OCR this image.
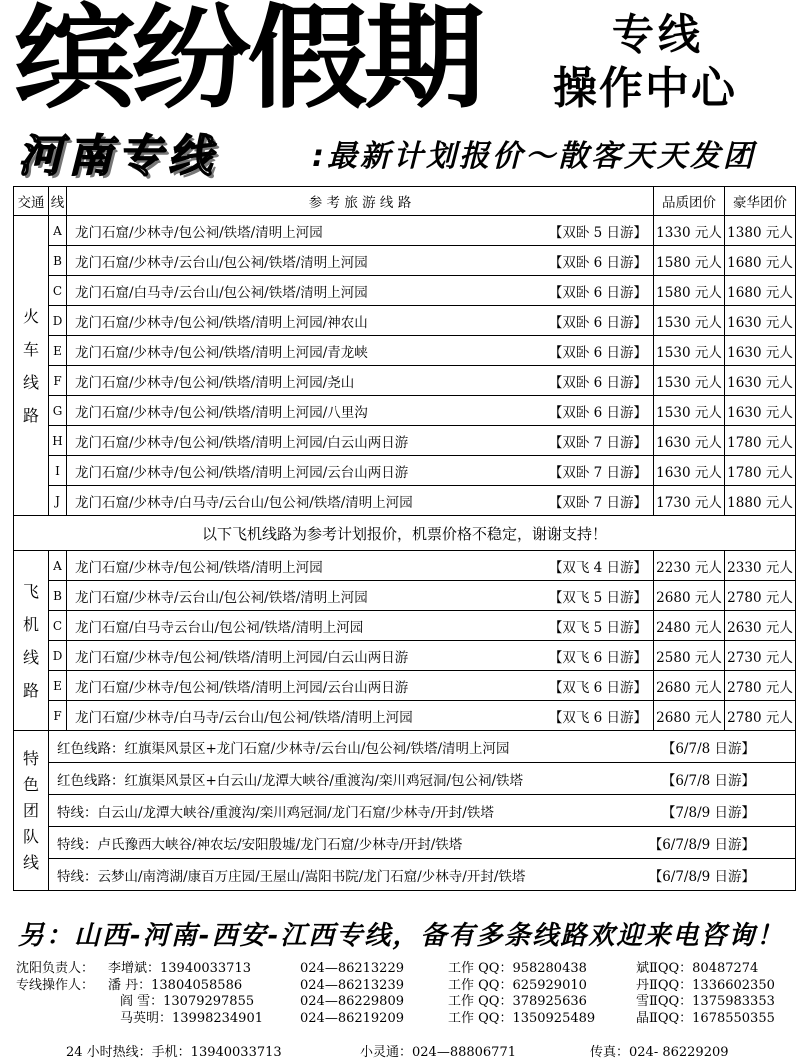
缤纷假期	专线
操作中心
河南专线	:最新计划报价～散客天天发团
交通	线	参 考 旅 游 线 路	品质团价	豪华团价
火车线路	A	龙门石窟/少林寺/包公祠/铁塔/清明上河园 【双卧 5 日游】	1330 元人	1380 元人
	B	龙门石窟/少林寺/云台山/包公祠/铁塔/清明上河园 【双卧 6 日游】	1580 元人	1680 元人
	C	龙门石窟/白马寺/云台山/包公祠/铁塔/清明上河园 【双卧 6 日游】	1580 元人	1680 元人
	D	龙门石窟/少林寺/包公祠/铁塔/清明上河园/神农山 【双卧 6 日游】	1530 元人	1630 元人
	E	龙门石窟/少林寺/包公祠/铁塔/清明上河园/青龙峡 【双卧 6 日游】	1530 元人	1630 元人
	F	龙门石窟/少林寺/包公祠/铁塔/清明上河园/尧山 【双卧 6 日游】	1530 元人	1630 元人
	G	龙门石窟/少林寺/包公祠/铁塔/清明上河园/八里沟 【双卧 6 日游】	1530 元人	1630 元人
	H	龙门石窟/少林寺/包公祠/铁塔/清明上河园/白云山两日游 【双卧 7 日游】	1630 元人	1780 元人
	I	龙门石窟/少林寺/包公祠/铁塔/清明上河园/云台山两日游 【双卧 7 日游】	1630 元人	1780 元人
	J	龙门石窟/少林寺/白马寺/云台山/包公祠/铁塔/清明上河园 【双卧 7 日游】	1730 元人	1880 元人
以下飞机线路为参考计划报价，机票价格不稳定，谢谢支持！				
飞机线路	A	龙门石窟/少林寺/包公祠/铁塔/清明上河园 【双飞 4 日游】	2230 元人	2330 元人
	B	龙门石窟/少林寺/云台山/包公祠/铁塔/清明上河园 【双飞 5 日游】	2680 元人	2780 元人
	C	龙门石窟/白马寺云台山/包公祠/铁塔/清明上河园 【双飞 5 日游】	2480 元人	2630 元人
	D	龙门石窟/少林寺/包公祠/铁塔/清明上河园/白云山两日游 【双飞 6 日游】	2580 元人	2730 元人
	E	龙门石窟/少林寺/包公祠/铁塔/清明上河园/云台山两日游 【双飞 6 日游】	2680 元人	2780 元人
	F	龙门石窟/少林寺/白马寺/云台山/包公祠/铁塔/清明上河园 【双飞 6 日游】	2680 元人	2780 元人
特色团队线	红色线路：红旗渠风景区+龙门石窟/少林寺/云台山/包公祠/铁塔/清明上河园 【6/7/8 日游】			

	红色线路：红旗渠风景区+白云山/龙潭大峡谷/重渡沟/栾川鸡冠洞/包公祠/铁塔 【6/7/8 日游】			

	特线：白云山/龙潭大峡谷/重渡沟/栾川鸡冠洞/龙门石窟/少林寺/开封/铁塔 【7/8/9 日游】			

	特线：卢氏豫西大峡谷/神农坛/安阳殷墟/龙门石窟/少林寺/开封/铁塔 【6/7/8/9 日游】			

	特线：云梦山/南湾湖/康百万庄园/王屋山/嵩阳书院/龙门石窟/少林寺/开封/铁塔 【6/7/8/9 日游】			
另：山西-河南-西安-江西专线，备有多条线路欢迎来电咨询！
沈阳负责人： 李增斌：13940033713	024—86213229	工作 QQ：958280438	斌ⅡQQ：80487274
专线操作人： 潘 丹：13804058586	024—86213239	工作 QQ：625929010	丹ⅡQQ：1336602350
阎 雪：13079297855	024—86229809	工作 QQ：378925636	雪ⅡQQ：1375983353
马英明：13998234901	024—86219209	工作 QQ：1350925489	晶ⅡQQ：1678550355
24 小时热线：手机：13940033713	小灵通：024—88806771	传真：024- 86229209
